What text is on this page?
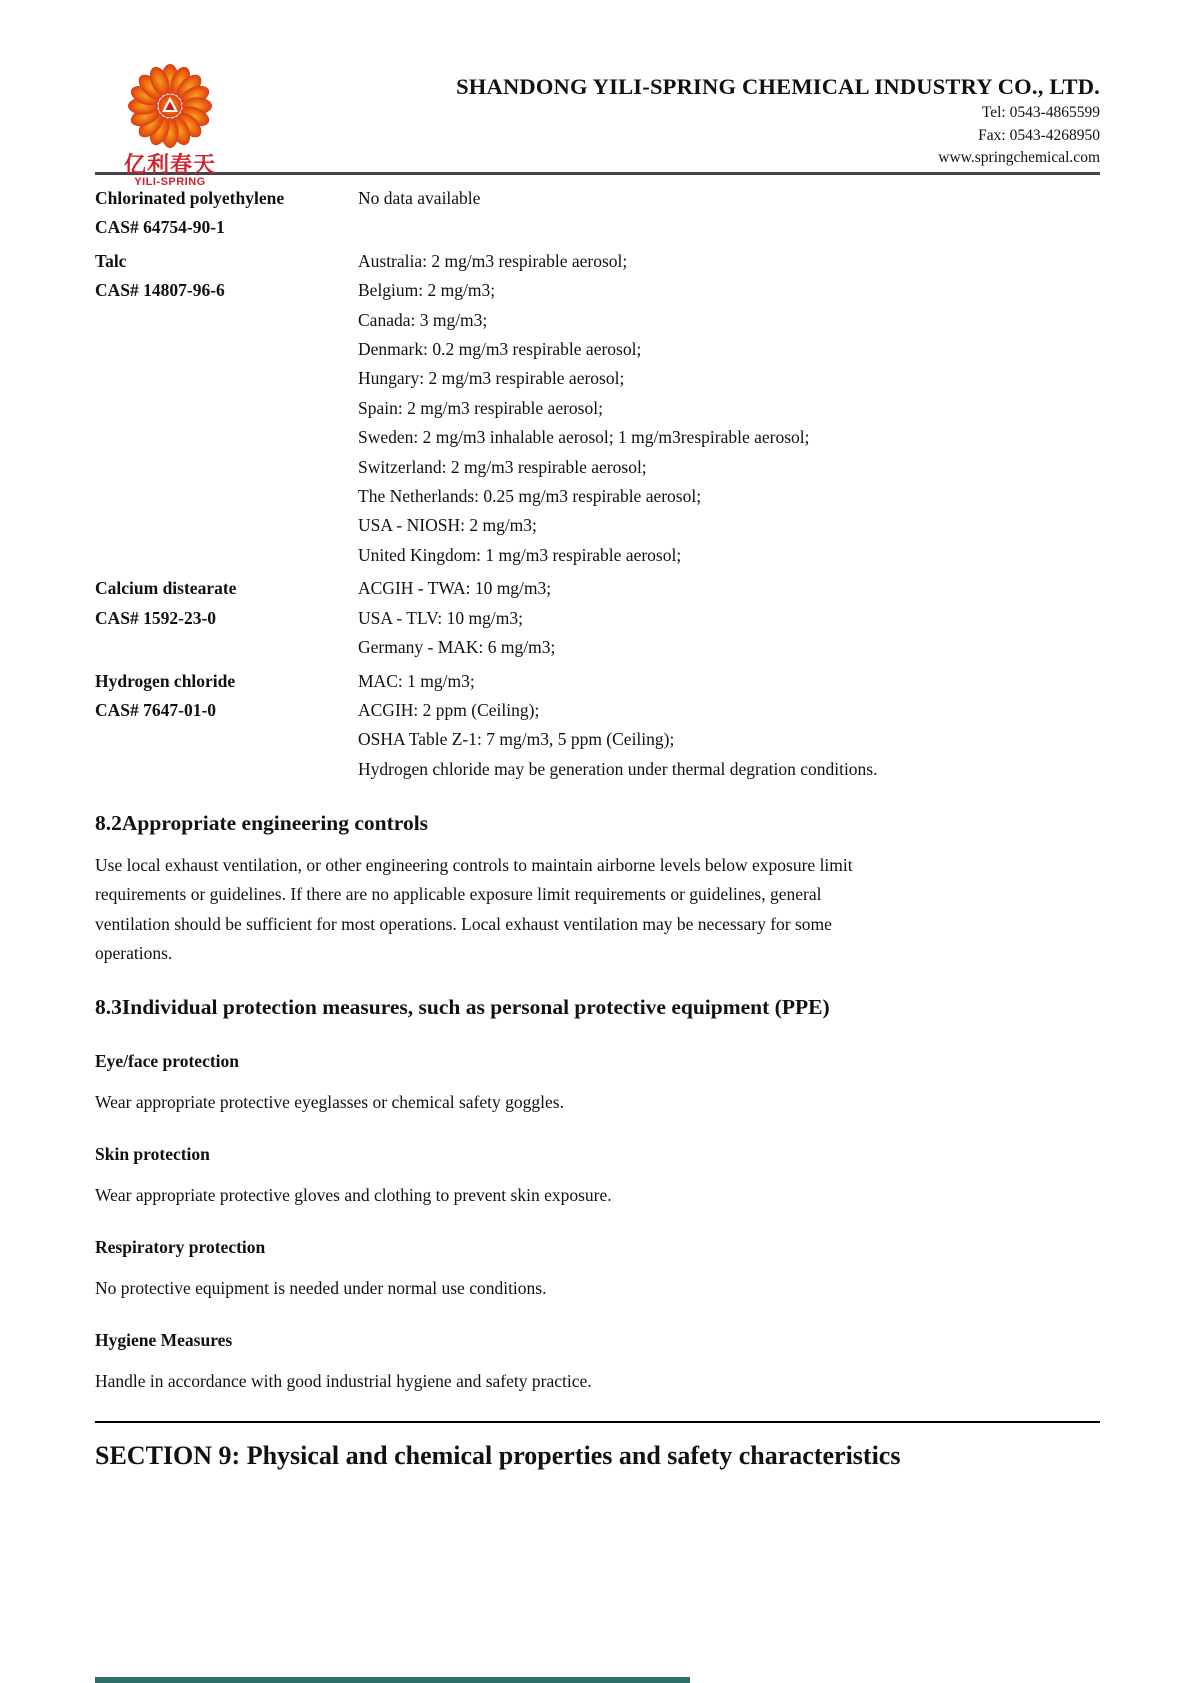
亿利春天
YILI-SPRING
SHANDONG YILI-SPRING CHEMICAL INDUSTRY CO., LTD.
Tel: 0543-4865599
Fax: 0543-4268950
www.springchemical.com
Chlorinated polyethylene
CAS# 64754-90-1
No data available
Talc
CAS# 14807-96-6
Australia: 2 mg/m3 respirable aerosol;
Belgium: 2 mg/m3;
Canada: 3 mg/m3;
Denmark: 0.2 mg/m3 respirable aerosol;
Hungary: 2 mg/m3 respirable aerosol;
Spain: 2 mg/m3 respirable aerosol;
Sweden: 2 mg/m3 inhalable aerosol; 1 mg/m3respirable aerosol;
Switzerland: 2 mg/m3 respirable aerosol;
The Netherlands: 0.25 mg/m3 respirable aerosol;
USA - NIOSH: 2 mg/m3;
United Kingdom: 1 mg/m3 respirable aerosol;
Calcium distearate
CAS# 1592-23-0
ACGIH - TWA: 10 mg/m3;
USA - TLV: 10 mg/m3;
Germany - MAK: 6 mg/m3;
Hydrogen chloride
CAS# 7647-01-0
MAC: 1 mg/m3;
ACGIH: 2 ppm (Ceiling);
OSHA Table Z-1: 7 mg/m3, 5 ppm (Ceiling);
Hydrogen chloride may be generation under thermal degration conditions.
8.2Appropriate engineering controls
Use local exhaust ventilation, or other engineering controls to maintain airborne levels below exposure limit
requirements or guidelines. If there are no applicable exposure limit requirements or guidelines, general
ventilation should be sufficient for most operations. Local exhaust ventilation may be necessary for some
operations.
8.3Individual protection measures, such as personal protective equipment (PPE)
Eye/face protection
Wear appropriate protective eyeglasses or chemical safety goggles.
Skin protection
Wear appropriate protective gloves and clothing to prevent skin exposure.
Respiratory protection
No protective equipment is needed under normal use conditions.
Hygiene Measures
Handle in accordance with good industrial hygiene and safety practice.
SECTION 9: Physical and chemical properties and safety characteristics
